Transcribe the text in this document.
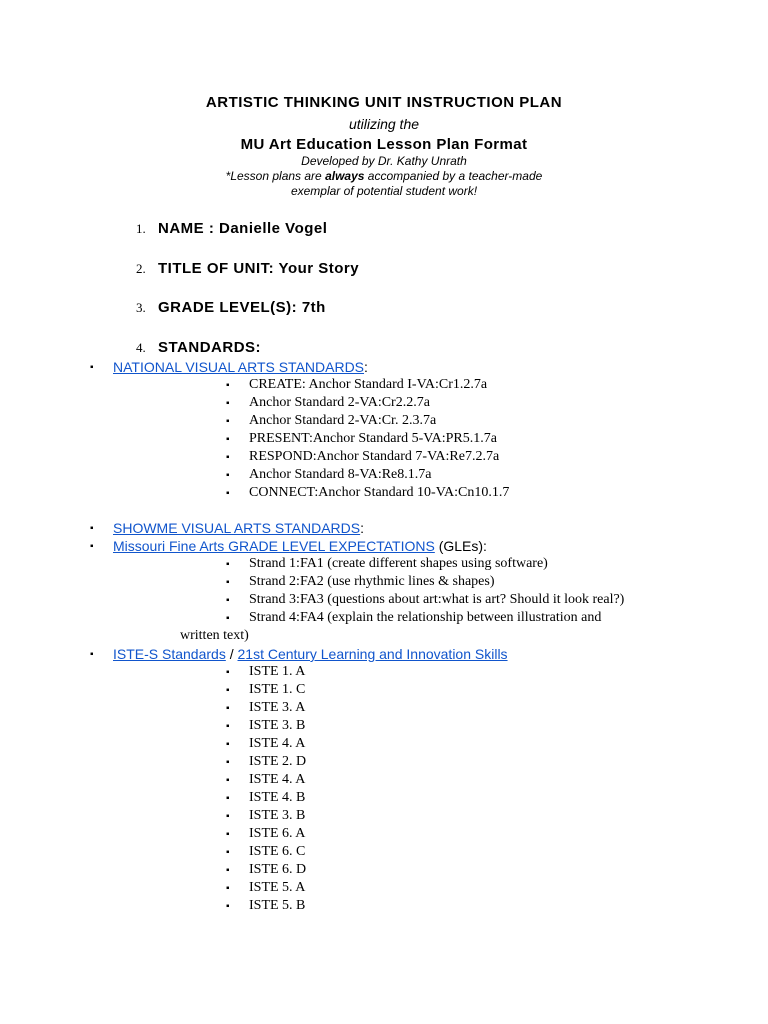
ARTISTIC THINKING UNIT INSTRUCTION PLAN
utilizing the
MU Art Education Lesson Plan Format
Developed by Dr. Kathy Unrath
*Lesson plans are always accompanied by a teacher-made
exemplar of potential student work!
1. NAME : Danielle Vogel
2. TITLE OF UNIT: Your Story
3. GRADE LEVEL(S): 7th
4. STANDARDS:
▪ NATIONAL VISUAL ARTS STANDARDS:
▪ CREATE: Anchor Standard I-VA:Cr1.2.7a
▪ Anchor Standard 2-VA:Cr2.2.7a
▪ Anchor Standard 2-VA:Cr. 2.3.7a
▪ PRESENT:Anchor Standard 5-VA:PR5.1.7a
▪ RESPOND:Anchor Standard 7-VA:Re7.2.7a
▪ Anchor Standard 8-VA:Re8.1.7a
▪ CONNECT:Anchor Standard 10-VA:Cn10.1.7
▪ SHOWME VISUAL ARTS STANDARDS:
▪ Missouri Fine Arts GRADE LEVEL EXPECTATIONS (GLEs):
▪ Strand 1:FA1 (create different shapes using software)
▪ Strand 2:FA2 (use rhythmic lines & shapes)
▪ Strand 3:FA3 (questions about art:what is art? Should it look real?)
▪ Strand 4:FA4 (explain the relationship between illustration and
written text)
▪ ISTE-S Standards / 21st Century Learning and Innovation Skills
▪ ISTE 1. A
▪ ISTE 1. C
▪ ISTE 3. A
▪ ISTE 3. B
▪ ISTE 4. A
▪ ISTE 2. D
▪ ISTE 4. A
▪ ISTE 4. B
▪ ISTE 3. B
▪ ISTE 6. A
▪ ISTE 6. C
▪ ISTE 6. D
▪ ISTE 5. A
▪ ISTE 5. B
